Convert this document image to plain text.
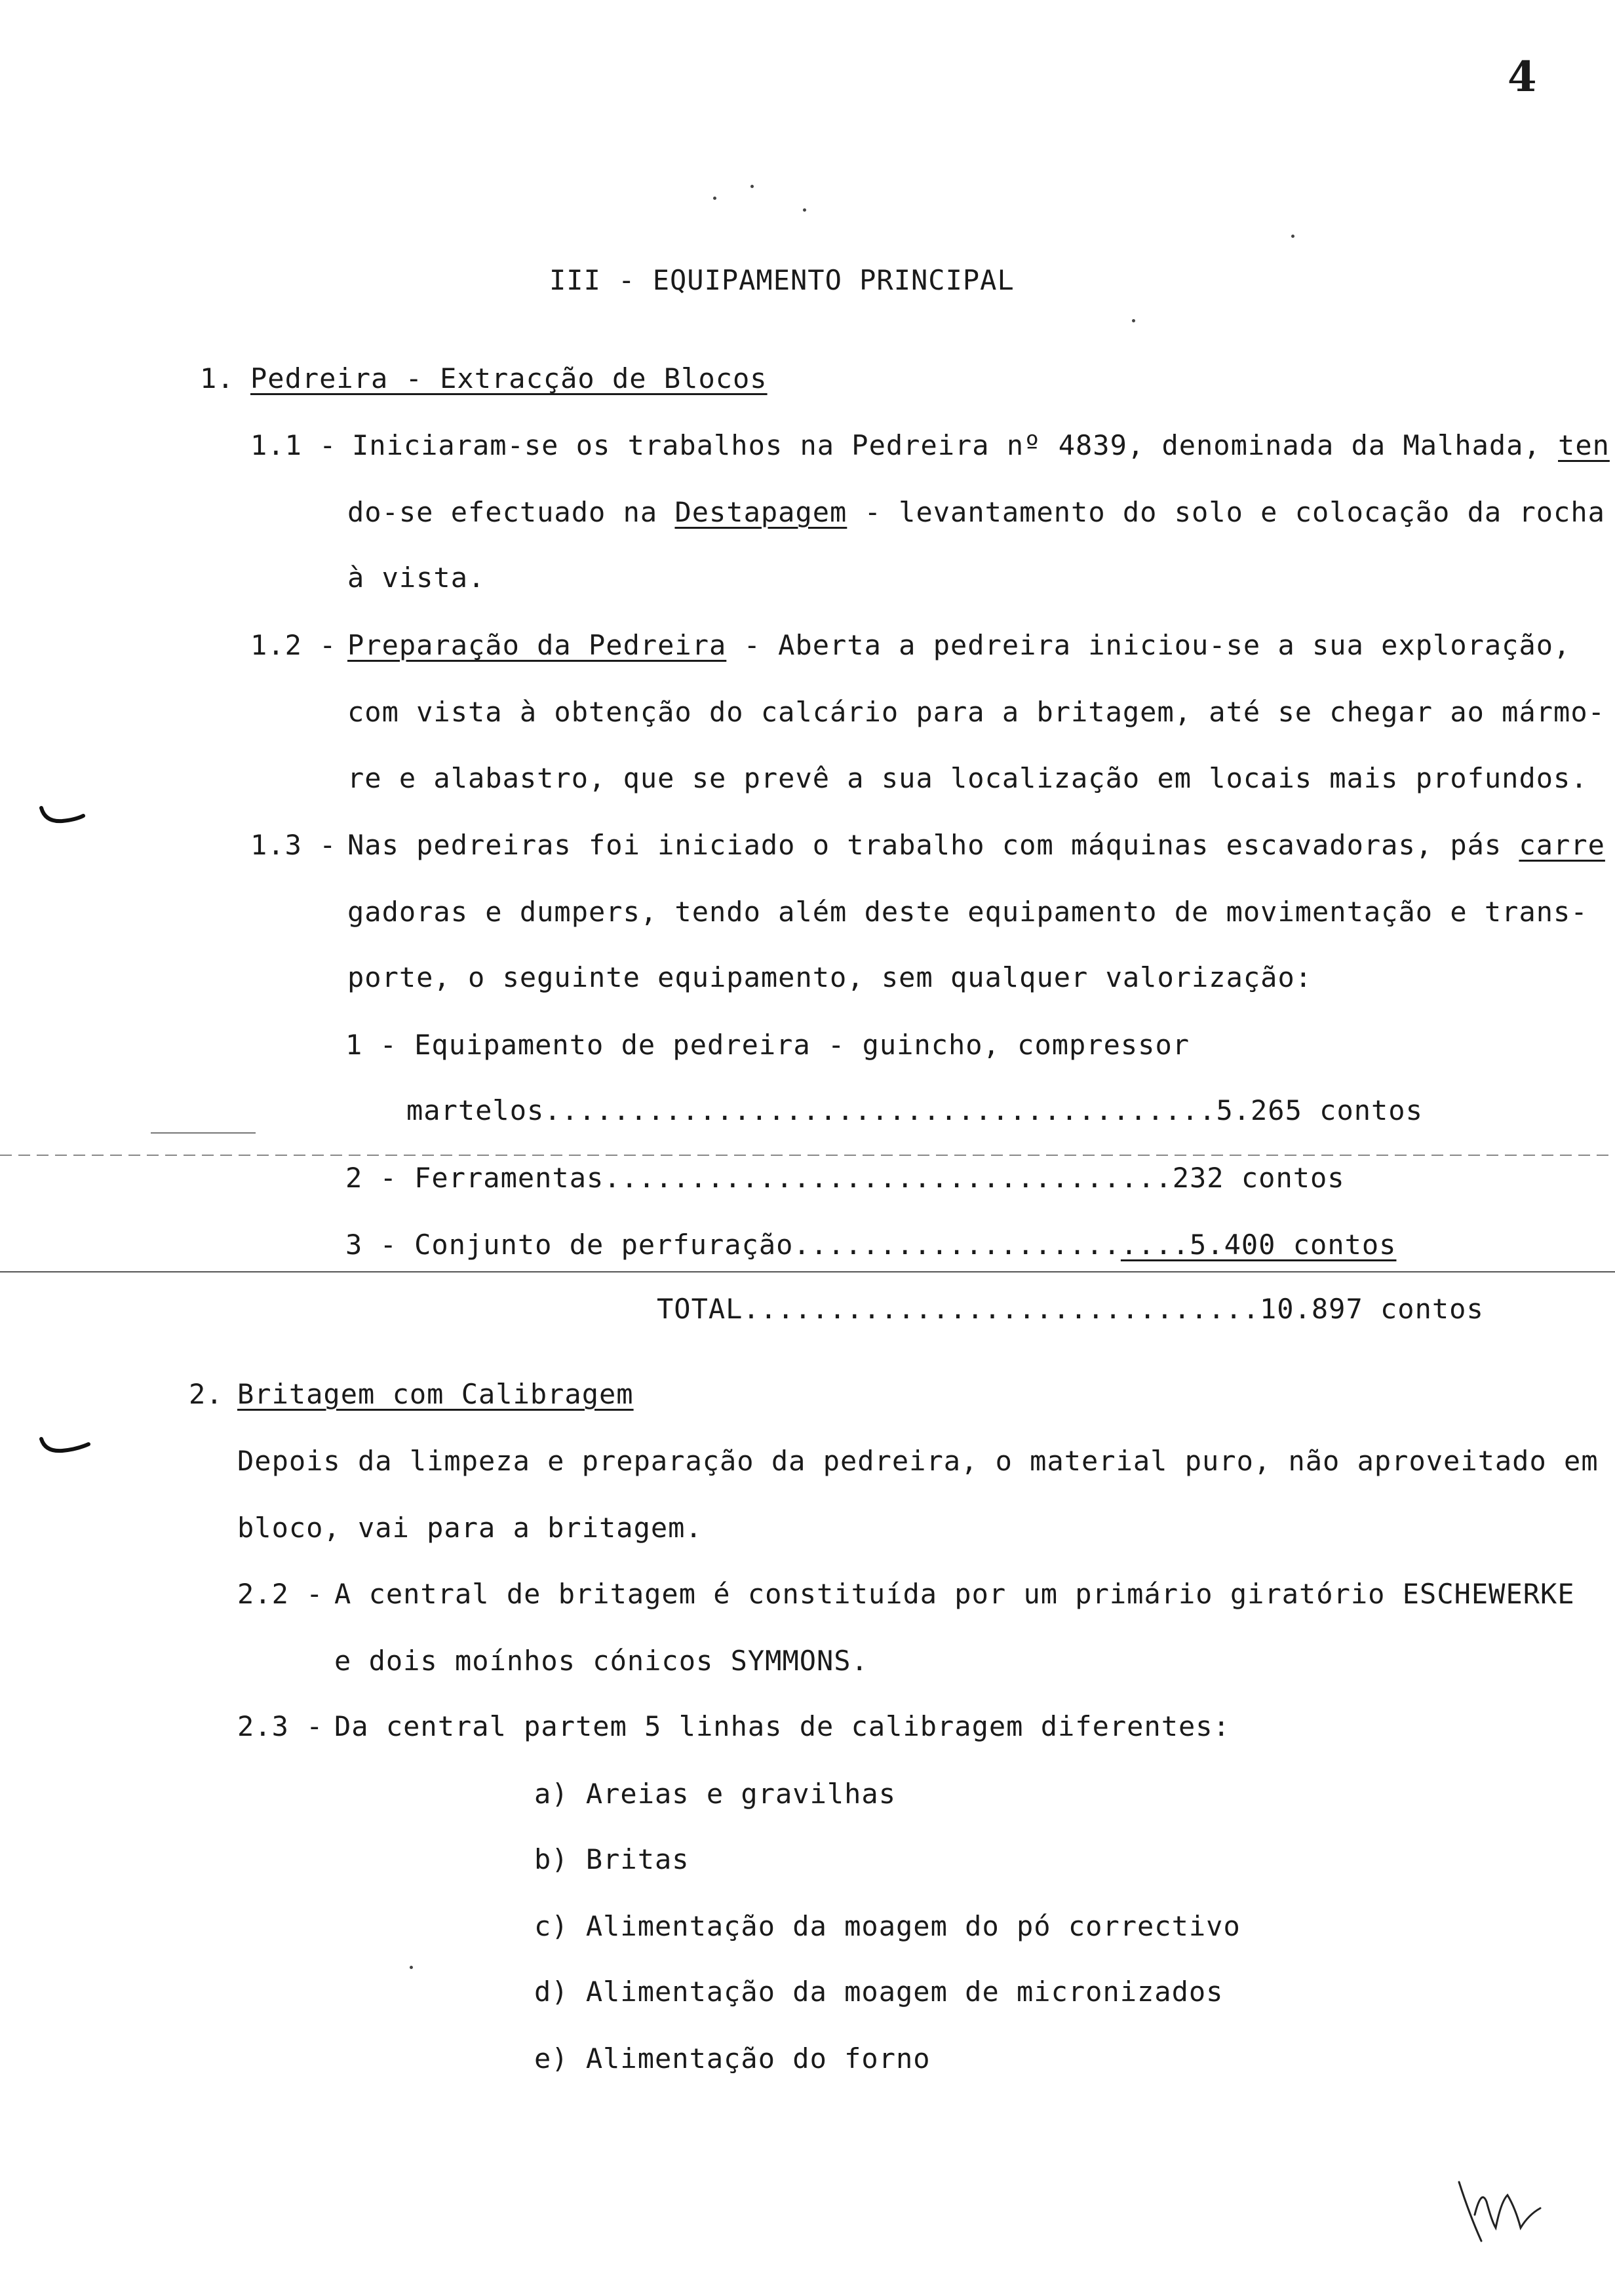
4
III - EQUIPAMENTO PRINCIPAL
1. Pedreira - Extracção de Blocos
1.1 - Iniciaram-se os trabalhos na Pedreira nº 4839, denominada da Malhada, ten
do-se efectuado na Destapagem - levantamento do solo e colocação da rocha
à vista.
1.2 - Preparação da Pedreira - Aberta a pedreira iniciou-se a sua exploração,
com vista à obtenção do calcário para a britagem, até se chegar ao mármo-
re e alabastro, que se prevê a sua localização em locais mais profundos.
1.3 - Nas pedreiras foi iniciado o trabalho com máquinas escavadoras, pás carre
gadoras e dumpers, tendo além deste equipamento de movimentação e trans-
porte, o seguinte equipamento, sem qualquer valorização:
1 - Equipamento de pedreira - guincho, compressor
martelos.......................................5.265 contos
2 - Ferramentas.................................232 contos
3 - Conjunto de perfuração.......................5.400 contos
TOTAL..............................10.897 contos
2. Britagem com Calibragem
Depois da limpeza e preparação da pedreira, o material puro, não aproveitado em
bloco, vai para a britagem.
2.2 - A central de britagem é constituída por um primário giratório ESCHEWERKE
e dois moínhos cónicos SYMMONS.
2.3 - Da central partem 5 linhas de calibragem diferentes:
a) Areias e gravilhas
b) Britas
c) Alimentação da moagem do pó correctivo
d) Alimentação da moagem de micronizados
e) Alimentação do forno
